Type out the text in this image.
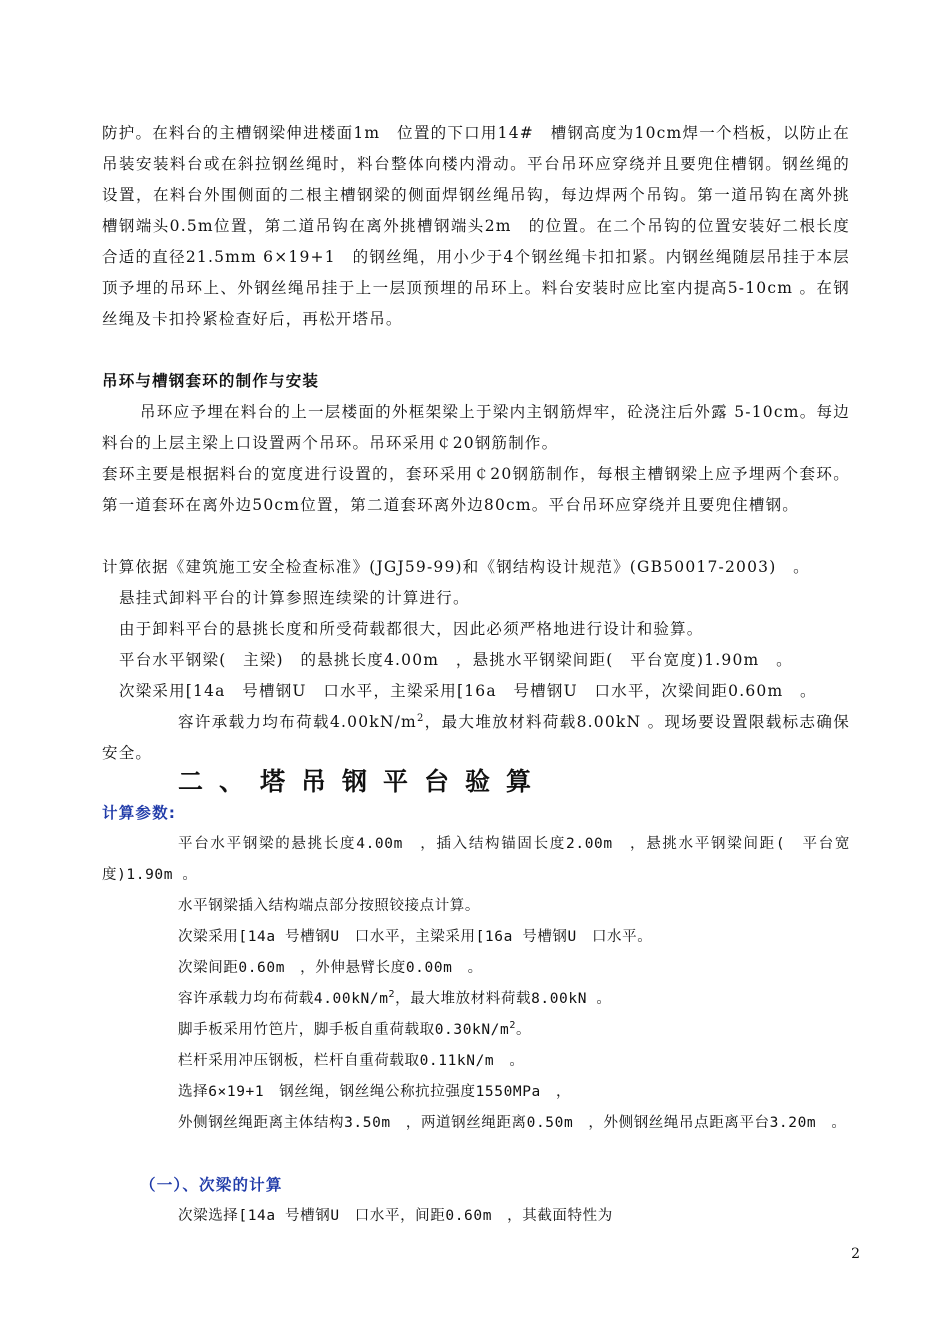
防护。在料台的主槽钢梁伸进楼面1m　位置的下口用14#　槽钢高度为10cm焊一个档板，以防止在吊装安装料台或在斜拉钢丝绳时，料台整体向楼内滑动。平台吊环应穿绕并且要兜住槽钢。钢丝绳的设置，在料台外围侧面的二根主槽钢梁的侧面焊钢丝绳吊钩，每边焊两个吊钩。第一道吊钩在离外挑槽钢端头0.5m位置，第二道吊钩在离外挑槽钢端头2m　的位置。在二个吊钩的位置安装好二根长度合适的直径21.5mm 6×19+1　的钢丝绳，用小少于4个钢丝绳卡扣扣紧。内钢丝绳随层吊挂于本层顶予埋的吊环上、外钢丝绳吊挂于上一层顶预埋的吊环上。料台安装时应比室内提高5-10cm 。在钢丝绳及卡扣拎紧检查好后，再松开塔吊。

吊环与槽钢套环的制作与安装

吊环应予埋在料台的上一层楼面的外框架梁上于梁内主钢筋焊牢，砼浇注后外露 5-10cm。每边料台的上层主梁上口设置两个吊环。吊环采用￠20钢筋制作。

套环主要是根据料台的宽度进行设置的，套环采用￠20钢筋制作，每根主槽钢梁上应予埋两个套环。第一道套环在离外边50cm位置，第二道套环离外边80cm。平台吊环应穿绕并且要兜住槽钢。

计算依据《建筑施工安全检查标准》(JGJ59-99)和《钢结构设计规范》(GB50017-2003)　。
悬挂式卸料平台的计算参照连续梁的计算进行。
由于卸料平台的悬挑长度和所受荷载都很大，因此必须严格地进行设计和验算。
平台水平钢梁(　主梁)　的悬挑长度4.00m　，悬挑水平钢梁间距(　平台宽度)1.90m　。
次梁采用[14a　号槽钢U　口水平，主梁采用[16a　号槽钢U　口水平，次梁间距0.60m　。

容许承载力均布荷载$4.00kN/m^2$，最大堆放材料荷载8.00kN 。现场要设置限载标志确保安全。

二、塔吊钢平台验算
计算参数:

平台水平钢梁的悬挑长度4.00m　，插入结构锚固长度2.00m　，悬挑水平钢梁间距(　平台宽度)1.90m 。

水平钢梁插入结构端点部分按照铰接点计算。
次梁采用[14a 号槽钢U　口水平，主梁采用[16a 号槽钢U　口水平。
次梁间距0.60m　，外伸悬臂长度0.00m　。
容许承载力均布荷载$4.00kN/m^2$，最大堆放材料荷载8.00kN 。
脚手板采用竹笆片，脚手板自重荷载取$0.30kN/m^2$。
栏杆采用冲压钢板，栏杆自重荷载取0.11kN/m　。
选择6×19+1　钢丝绳，钢丝绳公称抗拉强度1550MPa　，

外侧钢丝绳距离主体结构3.50m　，两道钢丝绳距离0.50m　，外侧钢丝绳吊点距离平台3.20m　。

（一）、次梁的计算
次梁选择[14a 号槽钢U　口水平，间距0.60m　，其截面特性为
2
